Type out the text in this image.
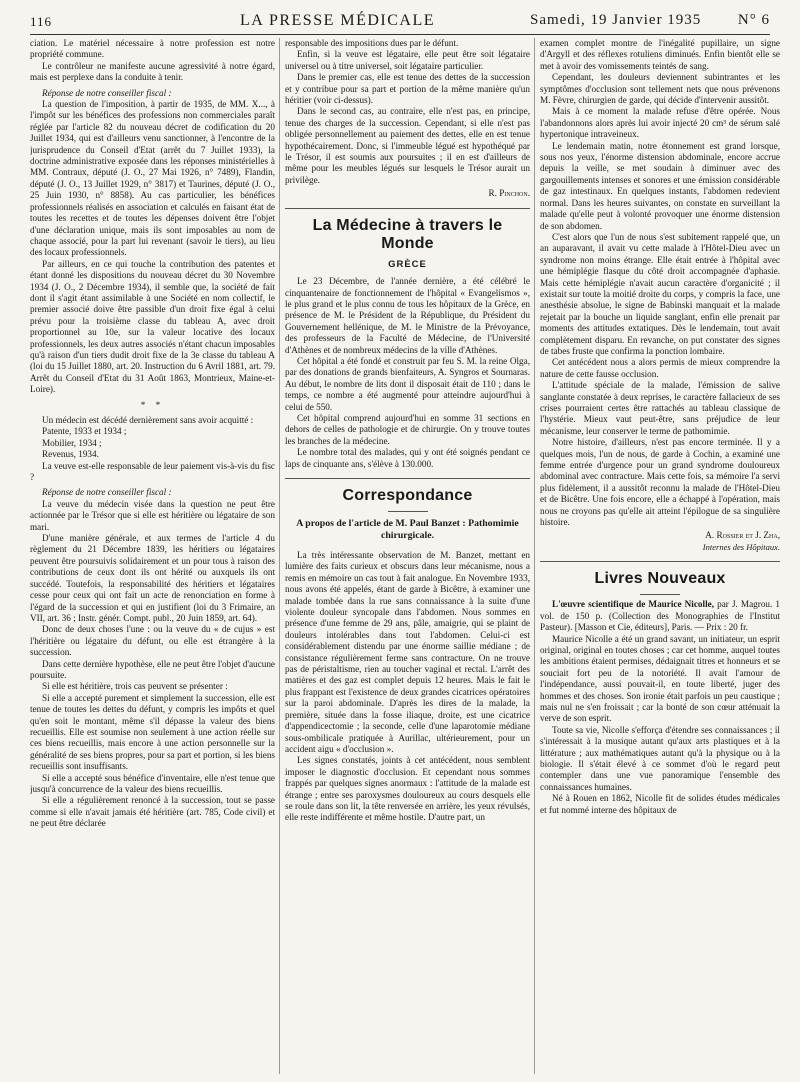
116	LA PRESSE MÉDICALE	Samedi, 19 Janvier 1935 N° 6

ciation. Le matériel nécessaire à notre profession est notre propriété commune.

Le contrôleur ne manifeste aucune agressivité à notre égard, mais est perplexe dans la conduite à tenir.

Réponse de notre conseiller fiscal :

La question de l'imposition, à partir de 1935, de MM. X..., à l'impôt sur les bénéfices des professions non commerciales paraît réglée par l'article 82 du nouveau décret de codification du 20 Juillet 1934, qui est d'ailleurs venu sanctionner, à l'encontre de la jurisprudence du Conseil d'Etat (arrêt du 7 Juillet 1933), la doctrine administrative exposée dans les réponses ministérielles à MM. Contraux, député (J. O., 27 Mai 1926, n° 7489), Flandin, député (J. O., 13 Juillet 1929, n° 3817) et Taurines, député (J. O., 25 Juin 1930, n° 8858). Au cas particulier, les bénéfices professionnels réalisés en association et calculés en faisant état de toutes les recettes et de toutes les dépenses doivent être l'objet d'une déclaration unique, mais ils sont imposables au nom de chaque associé, pour la part lui revenant (savoir le tiers), au lieu des locaux professionnels.

Par ailleurs, en ce qui touche la contribution des patentes et étant donné les dispositions du nouveau décret du 30 Novembre 1934 (J. O., 2 Décembre 1934), il semble que, la société de fait dont il s'agit étant assimilable à une Société en nom collectif, le premier associé doive être passible d'un droit fixe égal à celui prévu pour la troisième classe du tableau A, avec droit proportionnel au 10e, sur la valeur locative des locaux professionnels, les deux autres associés n'étant chacun imposables qu'à raison d'un tiers dudit droit fixe de la 3e classe du tableau A (loi du 15 Juillet 1880, art. 20. Instruction du 6 Avril 1881, art. 79. Arrêt du Conseil d'Etat du 31 Août 1863, Montrieux, Maine-et-Loire).

* *

Un médecin est décédé dernièrement sans avoir acquitté :

Patente, 1933 et 1934 ;

Mobilier, 1934 ;

Revenus, 1934.

La veuve est-elle responsable de leur paiement vis-à-vis du fisc ?

Réponse de notre conseiller fiscal :

La veuve du médecin visée dans la question ne peut être actionnée par le Trésor que si elle est héritière ou légataire de son mari.

D'une manière générale, et aux termes de l'article 4 du règlement du 21 Décembre 1839, les héritiers ou légataires peuvent être poursuivis solidairement et un pour tous à raison des contributions de ceux dont ils ont hérité ou auxquels ils ont succédé. Toutefois, la responsabilité des héritiers et légataires cesse pour ceux qui ont fait un acte de renonciation en forme à l'égard de la succession et qui en justifient (loi du 3 Frimaire, an VII, art. 36 ; Instr. génér. Compt. publ., 20 Juin 1859, art. 64).

Donc de deux choses l'une : ou la veuve du « de cujus » est l'héritière ou légataire du défunt, ou elle est étrangère à la succession.

Dans cette dernière hypothèse, elle ne peut être l'objet d'aucune poursuite.

Si elle est héritière, trois cas peuvent se présenter :

Si elle a accepté purement et simplement la succession, elle est tenue de toutes les dettes du défunt, y compris les impôts et quel qu'en soit le montant, même s'il dépasse la valeur des biens recueillis. Elle est soumise non seulement à une action réelle sur ces biens recueillis, mais encore à une action personnelle sur la généralité de ses biens propres, pour sa part et portion, si les biens recueillis sont insuffisants.

Si elle a accepté sous bénéfice d'inventaire, elle n'est tenue que jusqu'à concurrence de la valeur des biens recueillis.

Si elle a régulièrement renoncé à la succession, tout se passe comme si elle n'avait jamais été héritière (art. 785, Code civil) et ne peut être déclarée

responsable des impositions dues par le défunt.

Enfin, si la veuve est légataire, elle peut être soit légataire universel ou à titre universel, soit légataire particulier.

Dans le premier cas, elle est tenue des dettes de la succession et y contribue pour sa part et portion de la même manière qu'un héritier (voir ci-dessus).

Dans le second cas, au contraire, elle n'est pas, en principe, tenue des charges de la succession. Cependant, si elle n'est pas obligée personnellement au paiement des dettes, elle en est tenue hypothécairement. Donc, si l'immeuble légué est hypothéqué par le Trésor, il est soumis aux poursuites ; il en est d'ailleurs de même pour les meubles légués sur lesquels le Trésor aurait un privilège.

R. Pinchon.

La Médecine à travers le Monde
GRÈCE

Le 23 Décembre, de l'année dernière, a été célébré le cinquantenaire de fonctionnement de l'hôpital « Evangelismos », le plus grand et le plus connu de tous les hôpitaux de la Grèce, en présence de M. le Président de la République, du Président du Gouvernement hellénique, de M. le Ministre de la Prévoyance, des professeurs de la Faculté de Médecine, de l'Université d'Athènes et de nombreux médecins de la ville d'Athènes.

Cet hôpital a été fondé et construit par feu S. M. la reine Olga, par des donations de grands bienfaiteurs, A. Syngros et Sournaras. Au début, le nombre de lits dont il disposait était de 110 ; dans le temps, ce nombre a été augmenté pour atteindre aujourd'hui à celui de 550.

Cet hôpital comprend aujourd'hui en somme 31 sections en dehors de celles de pathologie et de chirurgie. On y trouve toutes les branches de la médecine.

Le nombre total des malades, qui y ont été soignés pendant ce laps de cinquante ans, s'élève à 130.000.

Correspondance
A propos de l'article de M. Paul Banzet : Pathomimie chirurgicale.

La très intéressante observation de M. Banzet, mettant en lumière des faits curieux et obscurs dans leur mécanisme, nous a remis en mémoire un cas tout à fait analogue. En Novembre 1933, nous avons été appelés, étant de garde à Bicêtre, à examiner une malade tombée dans la rue sans connaissance à la suite d'une violente douleur syncopale dans l'abdomen. Nous sommes en présence d'une femme de 29 ans, pâle, amaigrie, qui se plaint de douleurs intolérables dans tout l'abdomen. Celui-ci est considérablement distendu par une énorme saillie médiane ; de consistance régulièrement ferme sans contracture. On ne trouve pas de péristaltisme, rien au toucher vaginal et rectal. L'arrêt des matières et des gaz est complet depuis 12 heures. Mais le fait le plus frappant est l'existence de deux grandes cicatrices opératoires sur la paroi abdominale. D'après les dires de la malade, la première, située dans la fosse iliaque, droite, est une cicatrice d'appendicectomie ; la seconde, celle d'une laparotomie médiane sous-ombilicale pratiquée à Aurillac, ultérieurement, pour un accident aigu « d'occlusion ».

Les signes constatés, joints à cet antécédent, nous semblent imposer le diagnostic d'occlusion. Et cependant nous sommes frappés par quelques signes anormaux : l'attitude de la malade est étrange ; entre ses paroxysmes douloureux au cours desquels elle se roule dans son lit, la tête renversée en arrière, les yeux révulsés, elle reste indifférente et même hostile. D'autre part, un

examen complet montre de l'inégalité pupillaire, un signe d'Argyll et des réflexes rotuliens diminués. Enfin bientôt elle se met à avoir des vomissements teintés de sang.

Cependant, les douleurs deviennent subintrantes et les symptômes d'occlusion sont tellement nets que nous prévenons M. Fèvre, chirurgien de garde, qui décide d'intervenir aussitôt.

Mais à ce moment la malade refuse d'être opérée. Nous l'abandonnons alors après lui avoir injecté 20 cm³ de sérum salé hypertonique intraveineux.

Le lendemain matin, notre étonnement est grand lorsque, sous nos yeux, l'énorme distension abdominale, encore accrue depuis la veille, se met soudain à diminuer avec des gargouillements intenses et sonores et une émission considérable de gaz intestinaux. En quelques instants, l'abdomen redevient normal. Dans les heures suivantes, on constate en surveillant la malade qu'elle peut à volonté provoquer une énorme distension de son abdomen.

C'est alors que l'un de nous s'est subitement rappelé que, un an auparavant, il avait vu cette malade à l'Hôtel-Dieu avec un syndrome non moins étrange. Elle était entrée à l'hôpital avec une hémiplégie flasque du côté droit accompagnée d'aphasie. Mais cette hémiplégie n'avait aucun caractère d'organicité ; il existait sur toute la moitié droite du corps, y compris la face, une anesthésie absolue, le signe de Babinski manquait et la malade rejetait par la bouche un liquide sanglant, enfin elle prenait par moments des attitudes extatiques. Dès le lendemain, tout avait complètement disparu. En revanche, on put constater des signes de tabes fruste que confirma la ponction lombaire.

Cet antécédent nous a alors permis de mieux comprendre la nature de cette fausse occlusion.

L'attitude spéciale de la malade, l'émission de salive sanglante constatée à deux reprises, le caractère fallacieux de ses crises pourraient certes être rattachés au tableau classique de l'hystérie. Mieux vaut peut-être, sans préjudice de leur mécanisme, leur conserver le terme de pathomimie.

Notre histoire, d'ailleurs, n'est pas encore terminée. Il y a quelques mois, l'un de nous, de garde à Cochin, a examiné une femme entrée d'urgence pour un grand syndrome douloureux abdominal avec contracture. Mais cette fois, sa mémoire l'a servi plus fidèlement, il a aussitôt reconnu la malade de l'Hôtel-Dieu et de Bicêtre. Une fois encore, elle a échappé à l'opération, mais nous ne croyons pas qu'elle ait atteint l'épilogue de sa singulière histoire.

A. Rossier et J. Zha,

Internes des Hôpitaux.

Livres Nouveaux

L'œuvre scientifique de Maurice Nicolle, par J. Magrou. 1 vol. de 150 p. (Collection des Monographies de l'Institut Pasteur). [Masson et Cie, éditeurs], Paris. — Prix : 20 fr.

Maurice Nicolle a été un grand savant, un initiateur, un esprit original, original en toutes choses ; car cet homme, auquel toutes les ambitions étaient permises, dédaignait titres et honneurs et se souciait fort peu de la notoriété. Il avait l'amour de l'indépendance, aussi pouvait-il, en toute liberté, juger des hommes et des choses. Son ironie était parfois un peu caustique ; mais nul ne s'en froissait ; car la bonté de son cœur atténuait la verve de son esprit.

Toute sa vie, Nicolle s'efforça d'étendre ses connaissances ; il s'intéressait à la musique autant qu'aux arts plastiques et à la littérature ; aux mathématiques autant qu'à la physique ou à la biologie. Il s'était élevé à ce sommet d'où le regard peut contempler dans une vue panoramique l'ensemble des connaissances humaines.

Né à Rouen en 1862, Nicolle fit de solides études médicales et fut nommé interne des hôpitaux de
